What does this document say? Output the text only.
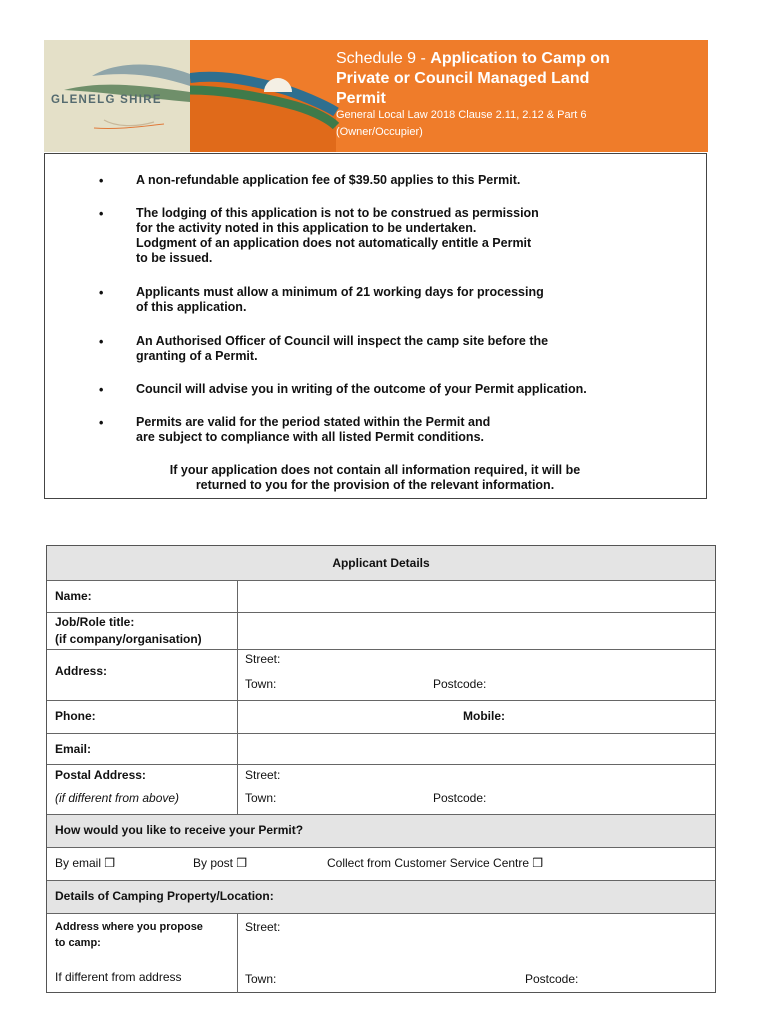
GLENELG SHIRE
Schedule 9 - Application to Camp on
Private or Council Managed Land
Permit
General Local Law 2018 Clause 2.11, 2.12 & Part 6
(Owner/Occupier)
•	A non-refundable application fee of $39.50 applies to this Permit.
•	The lodging of this application is not to be construed as permission
for the activity noted in this application to be undertaken.
Lodgment of an application does not automatically entitle a Permit
to be issued.
•	Applicants must allow a minimum of 21 working days for processing
of this application.
•	An Authorised Officer of Council will inspect the camp site before the
granting of a Permit.
•	Council will advise you in writing of the outcome of your Permit application.
•	Permits are valid for the period stated within the Permit and
are subject to compliance with all listed Permit conditions.
If your application does not contain all information required, it will be
returned to you for the provision of the relevant information.
Applicant Details
Name:
Job/Role title:
(if company/organisation)
Address:
Street:
Town:	Postcode:
Phone:	Mobile:
Email:
Postal Address:
(if different from above)
Street:
Town:	Postcode:
How would you like to receive your Permit?
By email ❒	By post ❒	Collect from Customer Service Centre ❒
Details of Camping Property/Location:
Address where you propose
to camp:
If different from address
Street:
Town:	Postcode:
